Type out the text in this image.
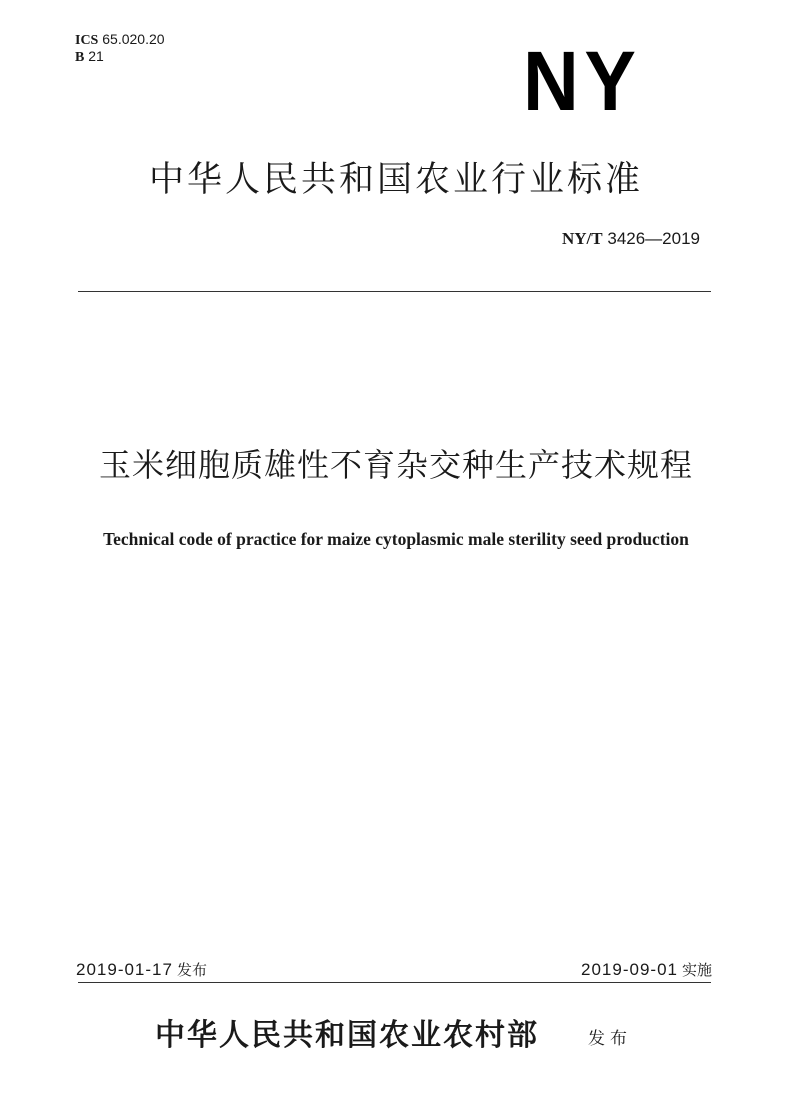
ICS 65.020.20
B 21	NY
中华人民共和国农业行业标准
NY/T 3426—2019
玉米细胞质雄性不育杂交种生产技术规程
Technical code of practice for maize cytoplasmic male sterility seed production
2019-01-17 发布	2019-09-01 实施
中华人民共和国农业农村部	发布
